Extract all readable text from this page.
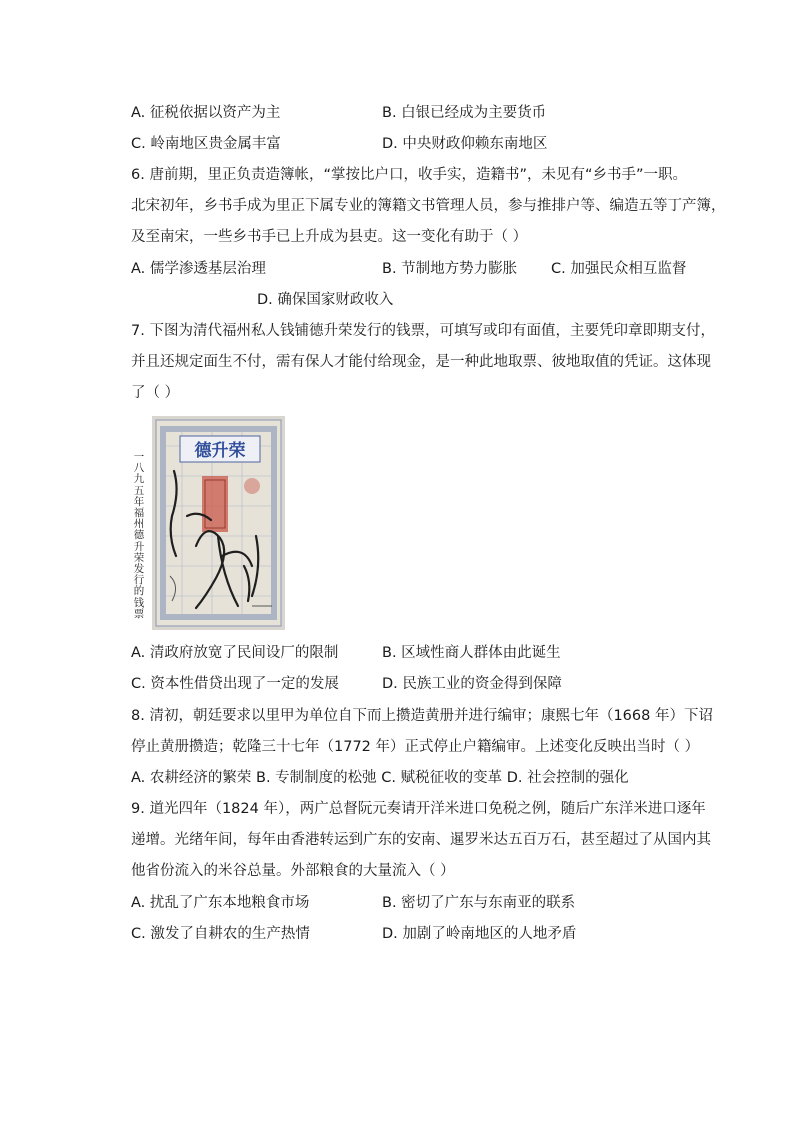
A. 征税依据以资产为主	B. 白银已经成为主要货币
C. 岭南地区贵金属丰富	D. 中央财政仰赖东南地区
6. 唐前期，里正负责造簿帐，“掌按比户口，收手实，造籍书”，未见有“乡书手”一职。
北宋初年，乡书手成为里正下属专业的簿籍文书管理人员，参与推排户等、编造五等丁产簿，
及至南宋，一些乡书手已上升成为县吏。这一变化有助于（ ）
A. 儒学渗透基层治理	B. 节制地方势力膨胀 C. 加强民众相互监督
D. 确保国家财政收入
7. 下图为清代福州私人钱铺德升荣发行的钱票，可填写或印有面值，主要凭印章即期支付，
并且还规定面生不付，需有保人才能付给现金，是一种此地取票、彼地取值的凭证。这体现
了（ ）
一八九五年福州德升荣发行的钱票
德升荣
A. 清政府放宽了民间设厂的限制	B. 区域性商人群体由此诞生
C. 资本性借贷出现了一定的发展	D. 民族工业的资金得到保障
8. 清初，朝廷要求以里甲为单位自下而上攒造黄册并进行编审；康熙七年（1668 年）下诏
停止黄册攒造；乾隆三十七年（1772 年）正式停止户籍编审。上述变化反映出当时（ ）
A. 农耕经济的繁荣 B. 专制制度的松弛 C. 赋税征收的变革 D. 社会控制的强化
9. 道光四年（1824 年），两广总督阮元奏请开洋米进口免税之例，随后广东洋米进口逐年
递增。光绪年间，每年由香港转运到广东的安南、暹罗米达五百万石，甚至超过了从国内其
他省份流入的米谷总量。外部粮食的大量流入（ ）
A. 扰乱了广东本地粮食市场	B. 密切了广东与东南亚的联系
C. 激发了自耕农的生产热情	D. 加剧了岭南地区的人地矛盾
